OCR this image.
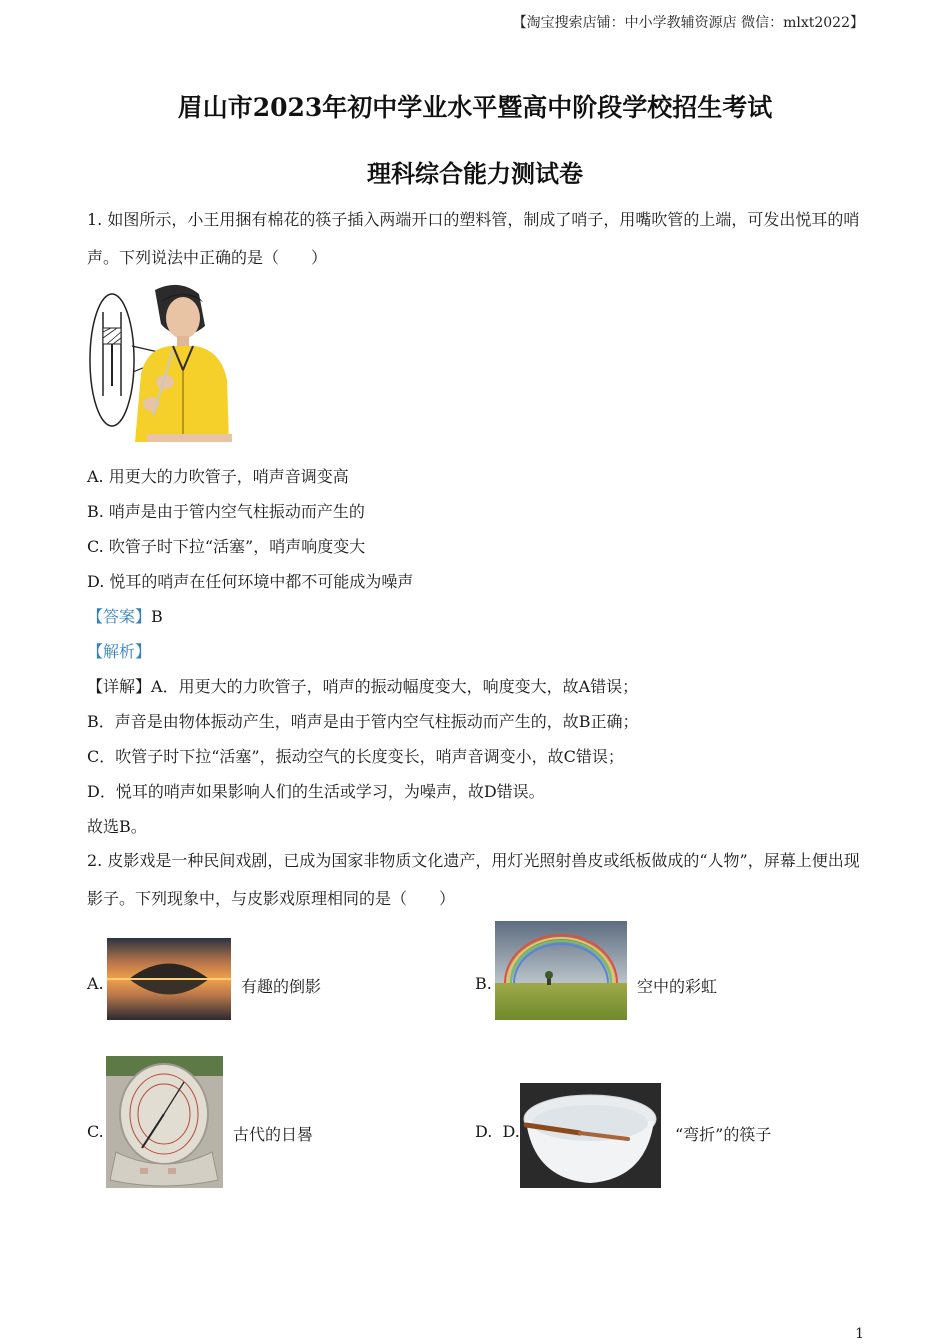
【淘宝搜索店铺：中小学教辅资源店 微信：mlxt2022】
眉山市2023年初中学业水平暨高中阶段学校招生考试
理科综合能力测试卷
1. 如图所示，小王用捆有棉花的筷子插入两端开口的塑料管，制成了哨子，用嘴吹管的上端，可发出悦耳的哨声。下列说法中正确的是（　　）
A. 用更大的力吹管子，哨声音调变高
B. 哨声是由于管内空气柱振动而产生的
C. 吹管子时下拉“活塞”，哨声响度变大
D. 悦耳的哨声在任何环境中都不可能成为噪声
【答案】B
【解析】
【详解】A．用更大的力吹管子，哨声的振动幅度变大，响度变大，故A错误；
B．声音是由物体振动产生，哨声是由于管内空气柱振动而产生的，故B正确；
C．吹管子时下拉“活塞”，振动空气的长度变长，哨声音调变小，故C错误；
D．悦耳的哨声如果影响人们的生活或学习，为噪声，故D错误。
故选B。
2. 皮影戏是一种民间戏剧，已成为国家非物质文化遗产，用灯光照射兽皮或纸板做成的“人物”，屏幕上便出现影子。下列现象中，与皮影戏原理相同的是（　　）
A.	有趣的倒影	B.	空中的彩虹
C.	古代的日晷	D.  D.	“弯折”的筷子
1
